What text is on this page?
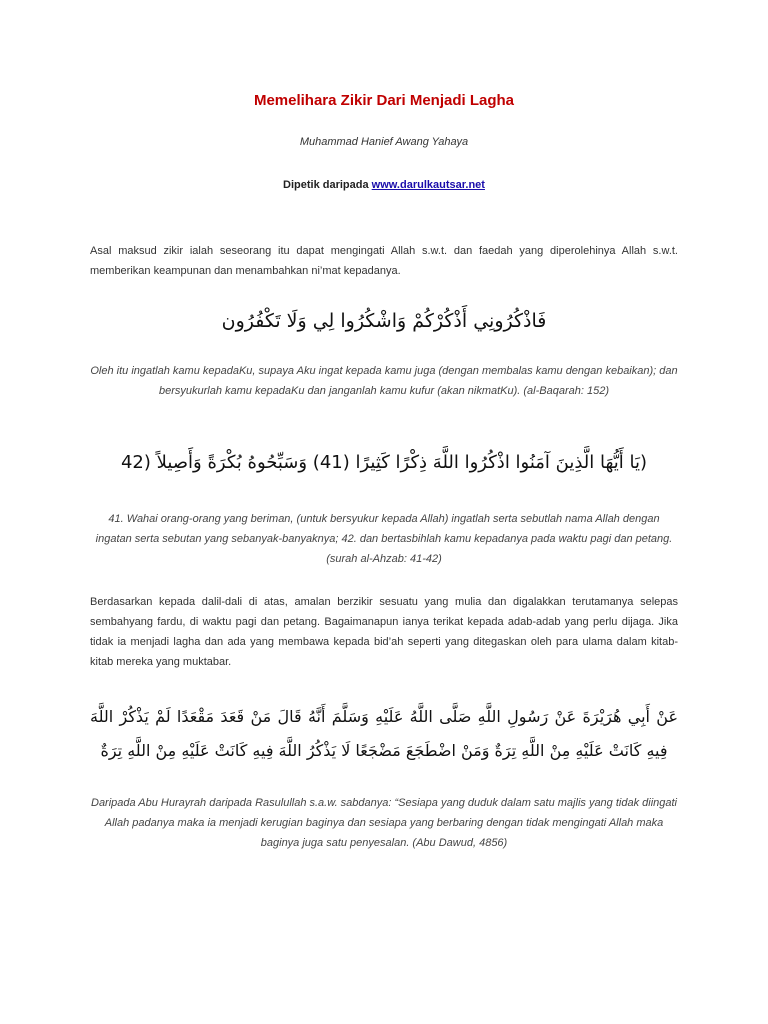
Memelihara Zikir Dari Menjadi Lagha
Muhammad Hanief Awang Yahaya
Dipetik daripada www.darulkautsar.net

Asal maksud zikir ialah seseorang itu dapat mengingati Allah s.w.t. dan faedah yang diperolehinya Allah s.w.t. memberikan keampunan dan menambahkan ni’mat kepadanya.

فَاذْكُرُونِي أَذْكُرْكُمْ وَاشْكُرُوا لِي وَلَا تَكْفُرُون

Oleh itu ingatlah kamu kepadaKu, supaya Aku ingat kepada kamu juga (dengan membalas kamu dengan kebaikan); dan bersyukurlah kamu kepadaKu dan janganlah kamu kufur (akan nikmatKu). (al-Baqarah: 152)

(يَا أَيُّهَا الَّذِينَ آمَنُوا اذْكُرُوا اللَّهَ ذِكْرًا كَثِيرًا (41) وَسَبِّحُوهُ بُكْرَةً وَأَصِيلاً (42

41. Wahai orang-orang yang beriman, (untuk bersyukur kepada Allah) ingatlah serta sebutlah nama Allah dengan ingatan serta sebutan yang sebanyak-banyaknya; 42. dan bertasbihlah kamu kepadanya pada waktu pagi dan petang. (surah al-Ahzab: 41-42)

Berdasarkan kepada dalil-dali di atas, amalan berzikir sesuatu yang mulia dan digalakkan terutamanya selepas sembahyang fardu, di waktu pagi dan petang. Bagaimanapun ianya terikat kepada adab-adab yang perlu dijaga. Jika tidak ia menjadi lagha dan ada yang membawa kepada bid’ah seperti yang ditegaskan oleh para ulama dalam kitab-kitab mereka yang muktabar.

عَنْ أَبِي هُرَيْرَةَ عَنْ رَسُولِ اللَّهِ صَلَّى اللَّهُ عَلَيْهِ وَسَلَّمَ أَنَّهُ قَالَ مَنْ قَعَدَ مَقْعَدًا لَمْ يَذْكُرْ اللَّهَ فِيهِ كَانَتْ عَلَيْهِ مِنْ اللَّهِ تِرَةٌ وَمَنْ اضْطَجَعَ مَضْجَعًا لَا يَذْكُرُ اللَّهَ فِيهِ كَانَتْ عَلَيْهِ مِنْ اللَّهِ تِرَةٌ

Daripada Abu Hurayrah daripada Rasulullah s.a.w. sabdanya: “Sesiapa yang duduk dalam satu majlis yang tidak diingati Allah padanya maka ia menjadi kerugian baginya dan sesiapa yang berbaring dengan tidak mengingati Allah maka baginya juga satu penyesalan. (Abu Dawud, 4856)
